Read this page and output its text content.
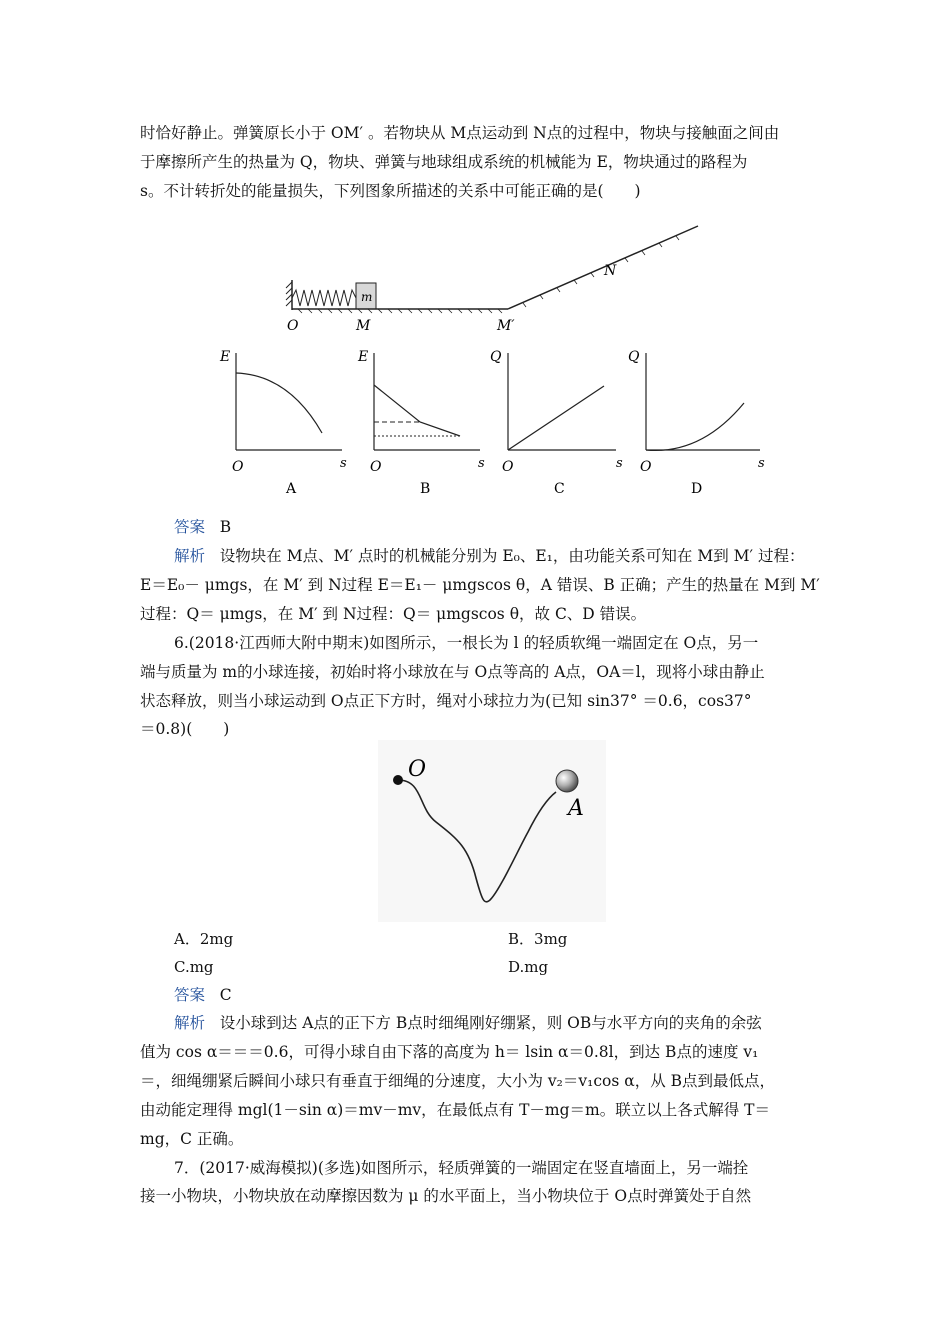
时恰好静止。弹簧原长小于 OM′ 。若物块从 M点运动到 N点的过程中，物块与接触面之间由
于摩擦所产生的热量为 Q，物块、弹簧与地球组成系统的机械能为 E，物块通过的路程为
s。不计转折处的能量损失，下列图象所描述的关系中可能正确的是(　　)
m
O	M	M′
N
E
O	s
A
E
O	s
B
Q
O	s
C
Q
O	s
D
答案 B
解析 设物块在 M点、M′ 点时的机械能分别为 E₀、E₁，由功能关系可知在 M到 M′ 过程：
E＝E₀－ μmgs，在 M′ 到 N过程 E＝E₁－ μmgscos θ，A 错误、B 正确；产生的热量在 M到 M′
过程：Q＝ μmgs，在 M′ 到 N过程：Q＝ μmgscos θ，故 C、D 错误。
6.(2018·江西师大附中期末)如图所示，一根长为 l 的轻质软绳一端固定在 O点，另一
端与质量为 m的小球连接，初始时将小球放在与 O点等高的 A点，OA＝l，现将小球由静止
状态释放，则当小球运动到 O点正下方时，绳对小球拉力为(已知 sin37° ＝0.6，cos37°
＝0.8)(　　)
O
A
A．2mg	B．3mg
C.mg	D.mg
答案 C
解析 设小球到达 A点的正下方 B点时细绳刚好绷紧，则 OB与水平方向的夹角的余弦
值为 cos α＝＝＝0.6，可得小球自由下落的高度为 h＝ lsin α＝0.8l，到达 B点的速度 v₁
＝，细绳绷紧后瞬间小球只有垂直于细绳的分速度，大小为 v₂＝v₁cos α，从 B点到最低点，
由动能定理得 mgl(1－sin α)＝mv－mv，在最低点有 T－mg＝m。联立以上各式解得 T＝
mg，C 正确。
7．(2017·威海模拟)(多选)如图所示，轻质弹簧的一端固定在竖直墙面上，另一端拴
接一小物块，小物块放在动摩擦因数为 μ 的水平面上，当小物块位于 O点时弹簧处于自然
